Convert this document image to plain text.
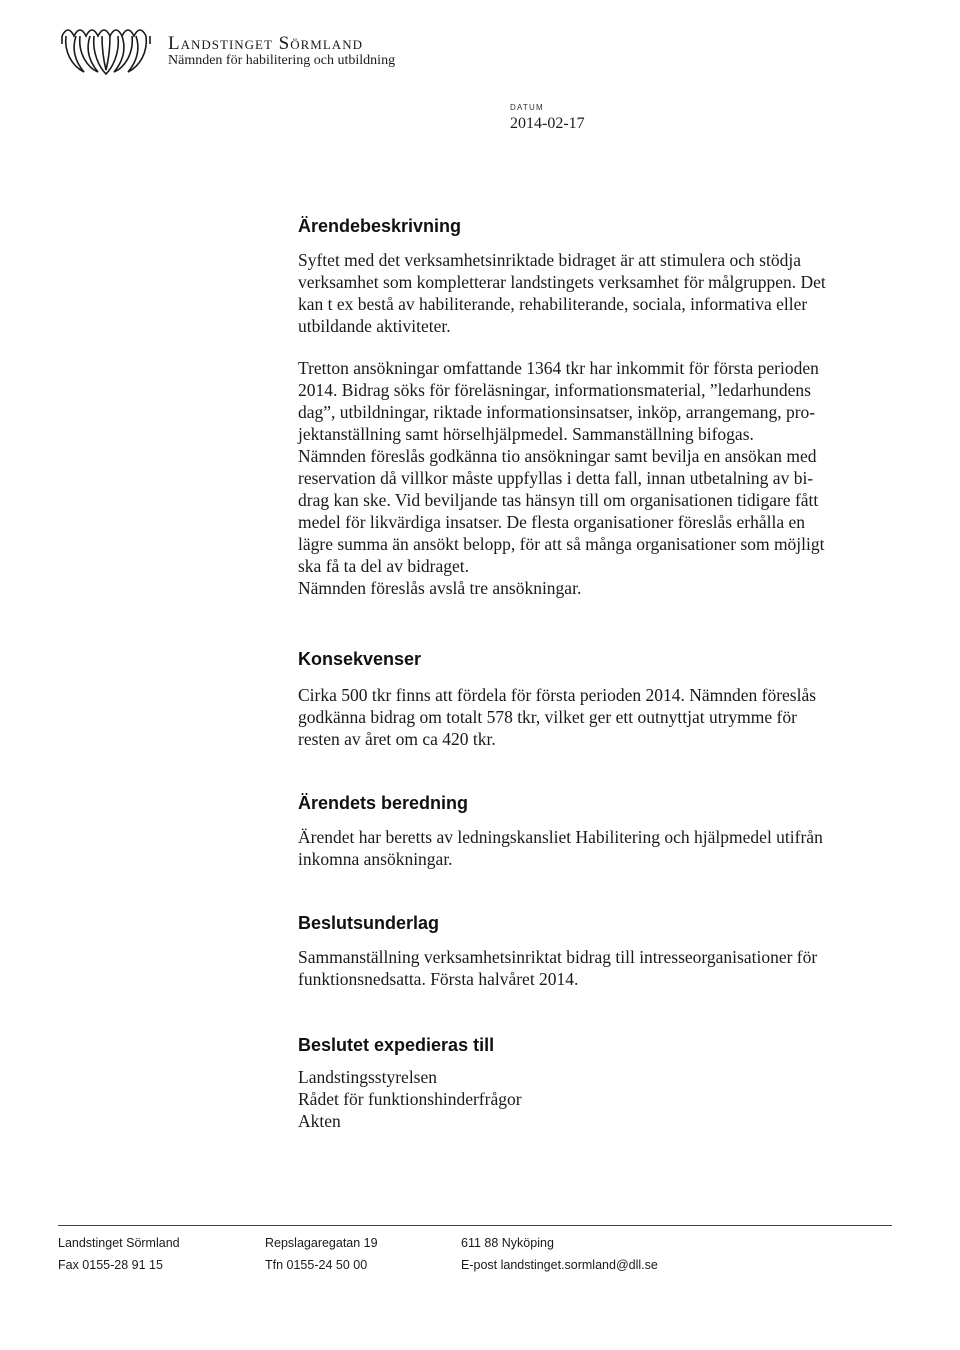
Landstinget Sörmland
Nämnden för habilitering och utbildning
DATUM
2014-02-17
Ärendebeskrivning

Syftet med det verksamhetsinriktade bidraget är att stimulera och stödja
verksamhet som kompletterar landstingets verksamhet för målgruppen. Det
kan t ex bestå av habiliterande, rehabiliterande, sociala, informativa eller
utbildande aktiviteter.

Tretton ansökningar omfattande 1364 tkr har inkommit för första perioden
2014. Bidrag söks för föreläsningar, informationsmaterial, ”ledarhundens
dag”, utbildningar, riktade informationsinsatser, inköp, arrangemang, pro-
jektanställning samt hörselhjälpmedel. Sammanställning bifogas.
Nämnden föreslås godkänna tio ansökningar samt bevilja en ansökan med
reservation då villkor måste uppfyllas i detta fall, innan utbetalning av bi-
drag kan ske. Vid beviljande tas hänsyn till om organisationen tidigare fått
medel för likvärdiga insatser. De flesta organisationer föreslås erhålla en
lägre summa än ansökt belopp, för att så många organisationer som möjligt
ska få ta del av bidraget.
Nämnden föreslås avslå tre ansökningar.

Konsekvenser

Cirka 500 tkr finns att fördela för första perioden 2014. Nämnden föreslås
godkänna bidrag om totalt 578 tkr, vilket ger ett outnyttjat utrymme för
resten av året om ca 420 tkr.

Ärendets beredning

Ärendet har beretts av ledningskansliet Habilitering och hjälpmedel utifrån
inkomna ansökningar.

Beslutsunderlag

Sammanställning verksamhetsinriktat bidrag till intresseorganisationer för
funktionsnedsatta. Första halvåret 2014.

Beslutet expedieras till

Landstingsstyrelsen
Rådet för funktionshinderfrågor
Akten

Landstinget Sörmland
Fax 0155-28 91 15
Repslagaregatan 19
Tfn 0155-24 50 00
611 88 Nyköping
E-post landstinget.sormland@dll.se
